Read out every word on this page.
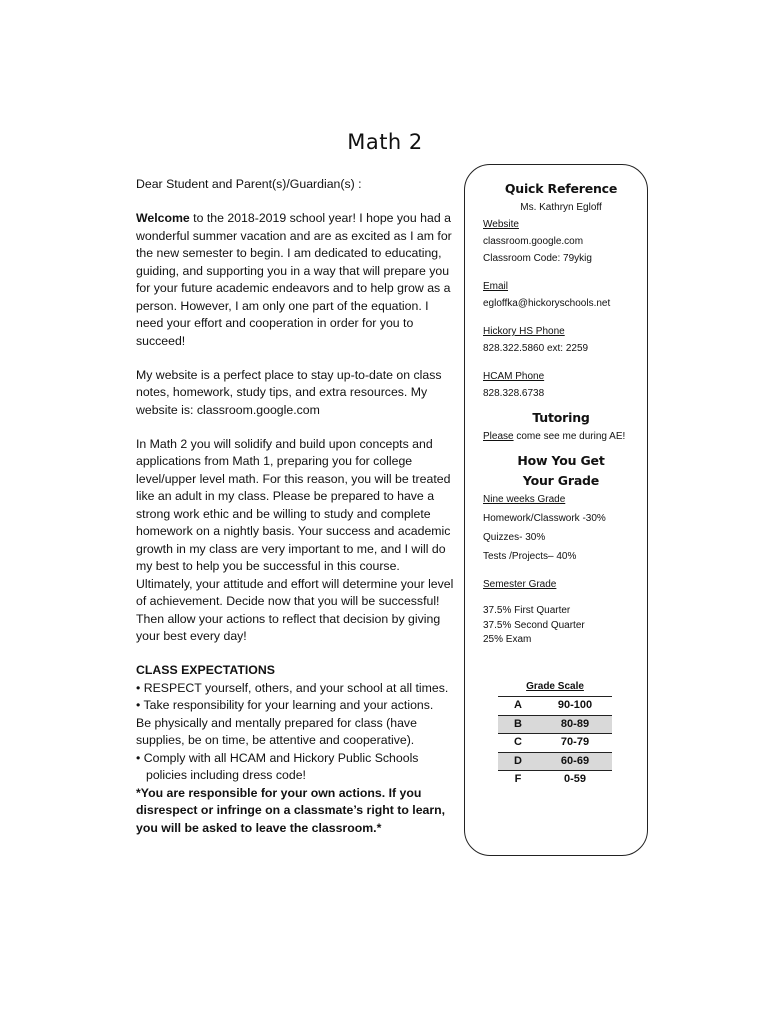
Math 2

Dear Student and Parent(s)/Guardian(s) :

Welcome to the 2018-2019 school year! I hope you had a wonderful summer vacation and are as excited as I am for the new semester to begin. I am dedicated to educating, guiding, and supporting you in a way that will prepare you for your future academic endeavors and to help grow as a person. However, I am only one part of the equation. I need your effort and cooperation in order for you to succeed!

My website is a perfect place to stay up-to-date on class notes, homework, study tips, and extra resources. My website is: classroom.google.com

In Math 2 you will solidify and build upon concepts and applications from Math 1, preparing you for college level/upper level math. For this reason, you will be treated like an adult in my class. Please be prepared to have a strong work ethic and be willing to study and complete homework on a nightly basis. Your success and academic growth in my class are very important to me, and I will do my best to help you be successful in this course. Ultimately, your attitude and effort will determine your level of achievement. Decide now that you will be successful! Then allow your actions to reflect that decision by giving your best every day!

CLASS EXPECTATIONS
• RESPECT yourself, others, and your school at all times.
• Take responsibility for your learning and your actions.
Be physically and mentally prepared for class (have supplies, be on time, be attentive and cooperative).
• Comply with all HCAM and Hickory Public Schools policies including dress code!
*You are responsible for your own actions. If you disrespect or infringe on a classmate’s right to learn, you will be asked to leave the classroom.*
Quick Reference
Ms. Kathryn Egloff
Website
classroom.google.com
Classroom Code: 79ykig
Email
egloffka@hickoryschools.net
Hickory HS Phone
828.322.5860 ext: 2259
HCAM Phone
828.328.6738
Tutoring
Please come see me during AE!
How You Get
Your Grade
Nine weeks Grade
Homework/Classwork -30%
Quizzes- 30%
Tests /Projects– 40%
Semester Grade
37.5% First Quarter
37.5% Second Quarter
25% Exam
Grade Scale
A	90-100
B	80-89
C	70-79
D	60-69
F	0-59
